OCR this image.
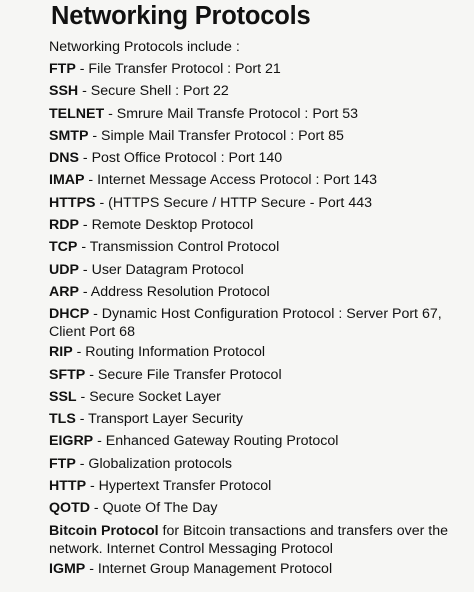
Networking Protocols
Networking Protocols include :
FTP - File Transfer Protocol : Port 21
SSH - Secure Shell : Port 22
TELNET - Smrure Mail Transfe Protocol : Port 53
SMTP - Simple Mail Transfer Protocol : Port 85
DNS - Post Office Protocol : Port 140
IMAP - Internet Message Access Protocol : Port 143
HTTPS - (HTTPS Secure / HTTP Secure - Port 443
RDP - Remote Desktop Protocol
TCP - Transmission Control Protocol
UDP - User Datagram Protocol
ARP - Address Resolution Protocol
DHCP - Dynamic Host Configuration Protocol : Server Port 67, Client Port 68
RIP - Routing Information Protocol
SFTP - Secure File Transfer Protocol
SSL - Secure Socket Layer
TLS - Transport Layer Security
EIGRP - Enhanced Gateway Routing Protocol
FTP - Globalization protocols
HTTP - Hypertext Transfer Protocol
QOTD - Quote Of The Day
Bitcoin Protocol for Bitcoin transactions and transfers over the network. Internet Control Messaging Protocol
IGMP - Internet Group Management Protocol
